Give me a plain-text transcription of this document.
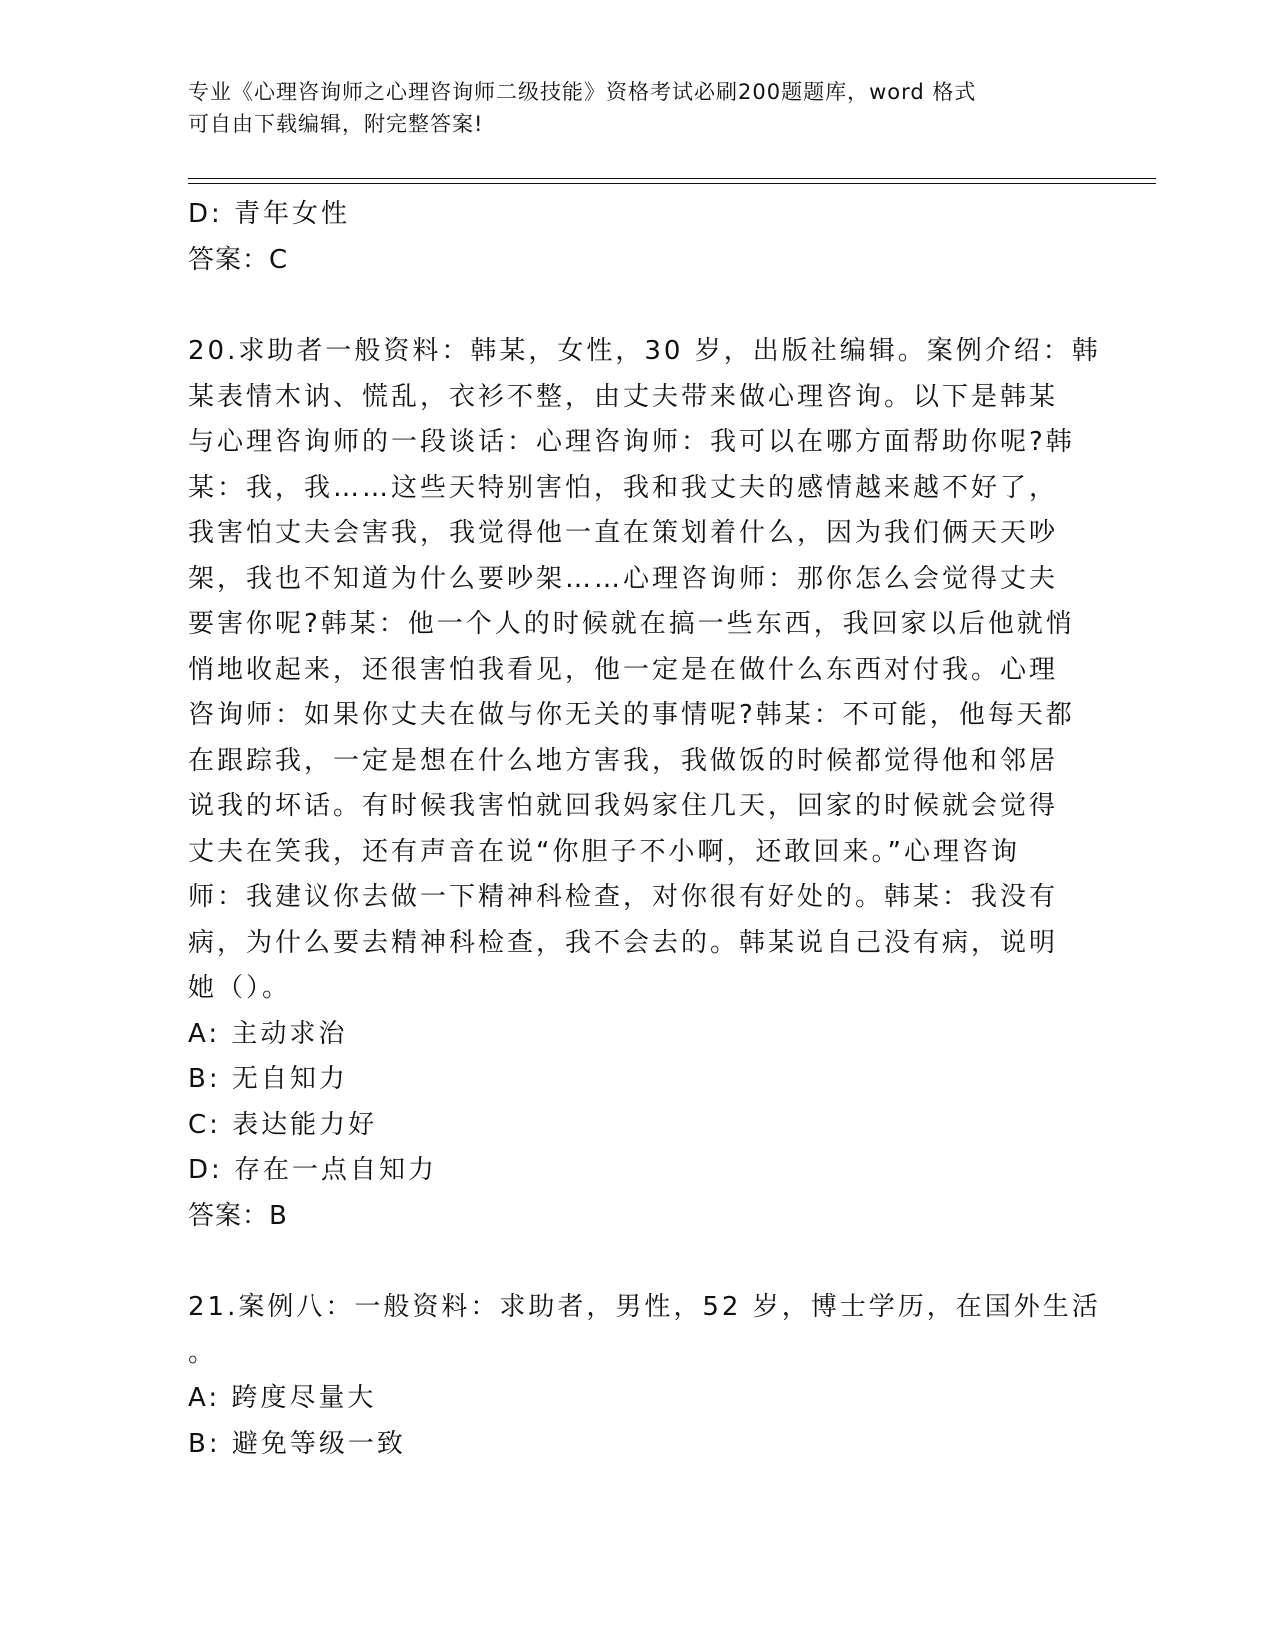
专业《心理咨询师之心理咨询师二级技能》资格考试必刷200题题库，word 格式
可自由下载编辑，附完整答案!
D: 青年女性
答案：C
20.求助者一般资料：韩某，女性，30 岁，出版社编辑。案例介绍：韩
某表情木讷、慌乱，衣衫不整，由丈夫带来做心理咨询。以下是韩某
与心理咨询师的一段谈话：心理咨询师：我可以在哪方面帮助你呢?韩
某：我，我……这些天特别害怕，我和我丈夫的感情越来越不好了，
我害怕丈夫会害我，我觉得他一直在策划着什么，因为我们俩天天吵
架，我也不知道为什么要吵架……心理咨询师：那你怎么会觉得丈夫
要害你呢?韩某：他一个人的时候就在搞一些东西，我回家以后他就悄
悄地收起来，还很害怕我看见，他一定是在做什么东西对付我。心理
咨询师：如果你丈夫在做与你无关的事情呢?韩某：不可能，他每天都
在跟踪我，一定是想在什么地方害我，我做饭的时候都觉得他和邻居
说我的坏话。有时候我害怕就回我妈家住几天，回家的时候就会觉得
丈夫在笑我，还有声音在说“你胆子不小啊，还敢回来。”心理咨询
师：我建议你去做一下精神科检查，对你很有好处的。韩某：我没有
病，为什么要去精神科检查，我不会去的。韩某说自己没有病，说明
她（）。
A: 主动求治
B: 无自知力
C: 表达能力好
D: 存在一点自知力
答案：B
21.案例八：一般资料：求助者，男性，52 岁，博士学历，在国外生活
。
A: 跨度尽量大
B: 避免等级一致
